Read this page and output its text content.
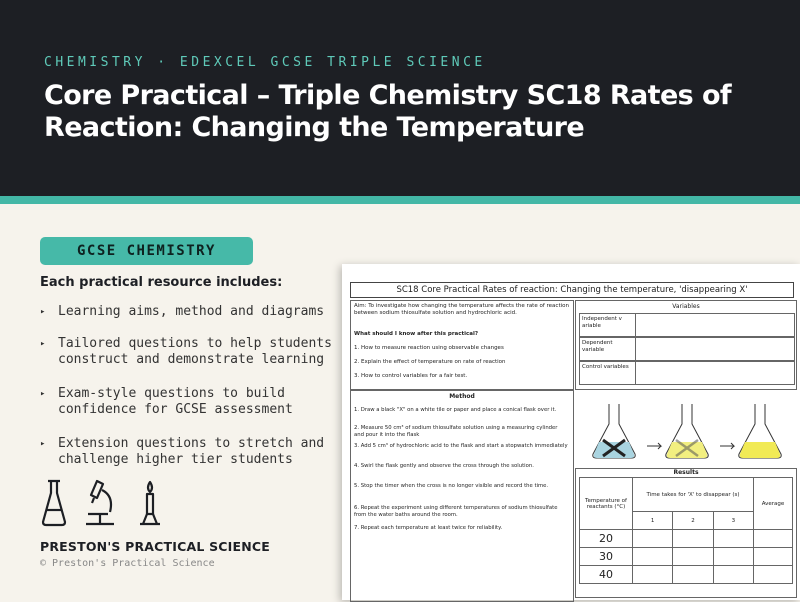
CHEMISTRY · EDEXCEL GCSE TRIPLE SCIENCE
Core Practical – Triple Chemistry SC18 Rates of Reaction: Changing the Temperature
GCSE CHEMISTRY
Each practical resource includes:
▸ Learning aims, method and diagrams
▸ Tailored questions to help students construct and demonstrate learning
▸ Exam-style questions to build confidence for GCSE assessment
▸ Extension questions to stretch and challenge higher tier students
PRESTON'S PRACTICAL SCIENCE
© Preston's Practical Science
SC18 Core Practical Rates of reaction: Changing the temperature, 'disappearing X'
Aim: To investigate how changing the temperature affects the rate of reaction between sodium thiosulfate solution and hydrochloric acid.
What should I know after this practical?
1. How to measure reaction using observable changes
2. Explain the effect of temperature on rate of reaction
3. How to control variables for a fair test.
Method
1. Draw a black "X" on a white tile or paper and place a conical flask over it.
2. Measure 50 cm³ of sodium thiosulfate solution using a measuring cylinder and pour it into the flask
3. Add 5 cm³ of hydrochloric acid to the flask and start a stopwatch immediately
4. Swirl the flask gently and observe the cross through the solution.
5. Stop the timer when the cross is no longer visible and record the time.
6. Repeat the experiment using different temperatures of sodium thiosulfate from the water baths around the room.
7. Repeat each temperature at least twice for reliability.
Variables
Independent v ariable
Dependent variable
Control variables
Results
Temperature of reactants (°C)	Time takes for 'X' to disappear (s)			Average
	1	2	3	
20				
30				
40				
